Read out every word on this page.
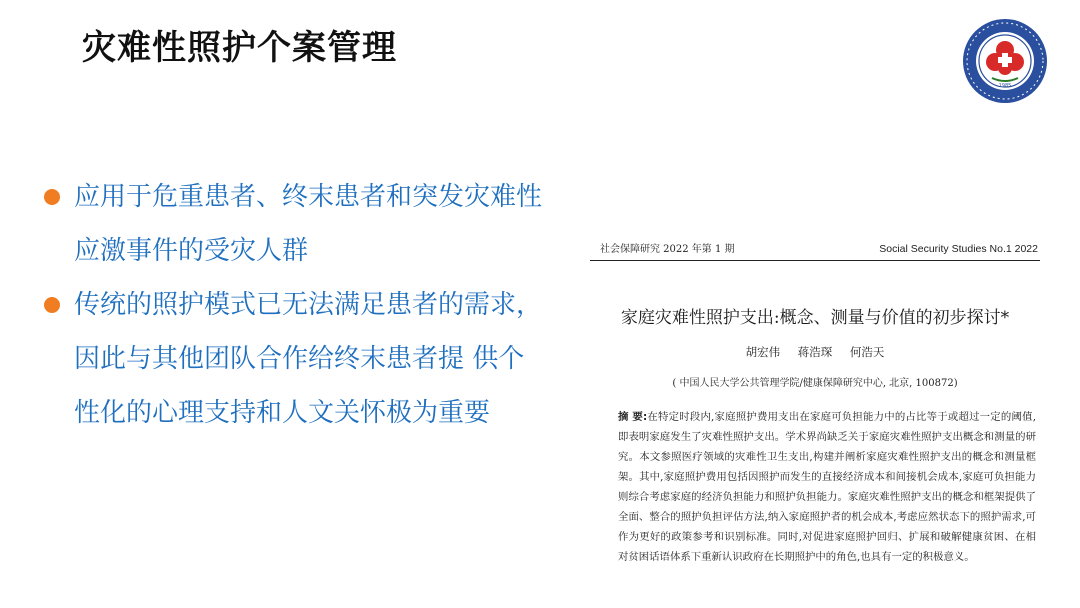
灾难性照护个案管理
1985
应用于危重患者、终末患者和突发灾难性应激事件的受灾人群
传统的照护模式已无法满足患者的需求，因此与其他团队合作给终末患者提 供个性化的心理支持和人文关怀极为重要
社会保障研究 2022 年第 1 期	Social Security Studies No.1 2022
家庭灾难性照护支出:概念、测量与价值的初步探讨*
胡宏伟 蒋浩琛 何浩天
( 中国人民大学公共管理学院/健康保障研究中心, 北京, 100872)
摘 要:在特定时段内,家庭照护费用支出在家庭可负担能力中的占比等于或超过一定的阈值,即表明家庭发生了灾难性照护支出。学术界尚缺乏关于家庭灾难性照护支出概念和测量的研究。本文参照医疗领域的灾难性卫生支出,构建并阐析家庭灾难性照护支出的概念和测量框架。其中,家庭照护费用包括因照护而发生的直接经济成本和间接机会成本,家庭可负担能力则综合考虑家庭的经济负担能力和照护负担能力。家庭灾难性照护支出的概念和框架提供了全面、整合的照护负担评估方法,纳入家庭照护者的机会成本,考虑应然状态下的照护需求,可作为更好的政策参考和识别标准。同时,对促进家庭照护回归、扩展和破解健康贫困、在相对贫困话语体系下重新认识政府在长期照护中的角色,也具有一定的积极意义。
